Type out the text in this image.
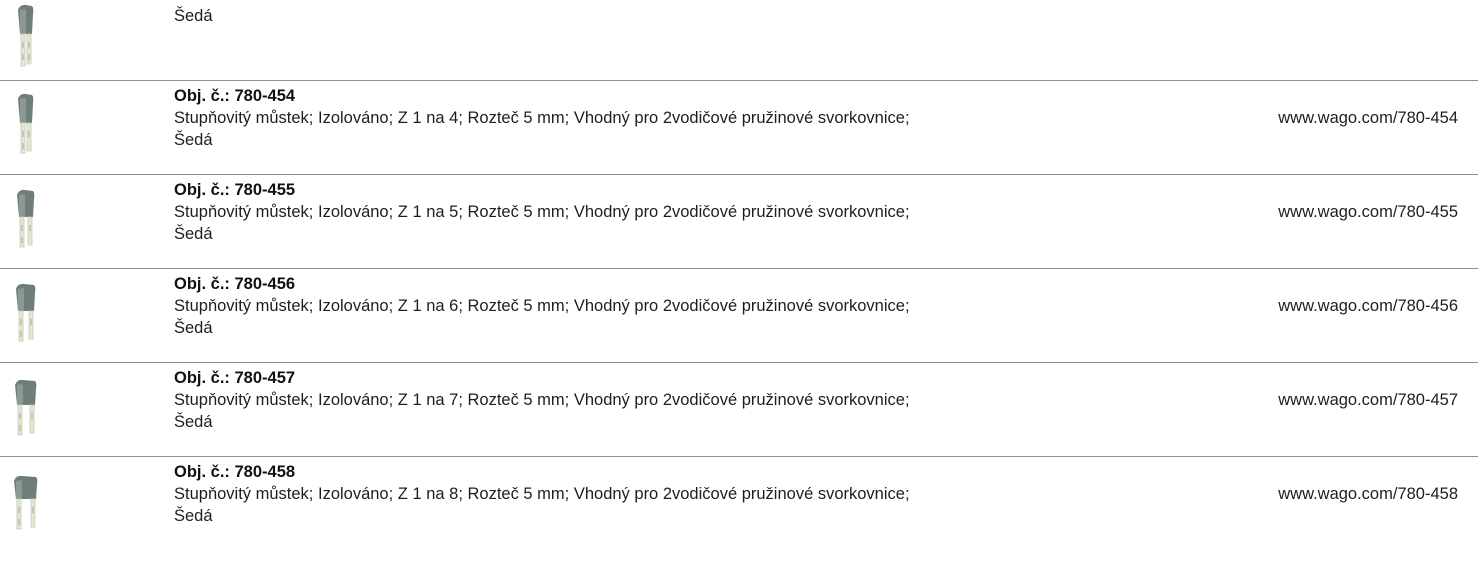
Šedá
Obj. č.: 780-454
Stupňovitý můstek; Izolováno; Z 1 na 4; Rozteč 5 mm; Vhodný pro 2vodičové pružinové svorkovnice;	www.wago.com/780-454
Šedá
Obj. č.: 780-455
Stupňovitý můstek; Izolováno; Z 1 na 5; Rozteč 5 mm; Vhodný pro 2vodičové pružinové svorkovnice;	www.wago.com/780-455
Šedá
Obj. č.: 780-456
Stupňovitý můstek; Izolováno; Z 1 na 6; Rozteč 5 mm; Vhodný pro 2vodičové pružinové svorkovnice;	www.wago.com/780-456
Šedá
Obj. č.: 780-457
Stupňovitý můstek; Izolováno; Z 1 na 7; Rozteč 5 mm; Vhodný pro 2vodičové pružinové svorkovnice;	www.wago.com/780-457
Šedá
Obj. č.: 780-458
Stupňovitý můstek; Izolováno; Z 1 na 8; Rozteč 5 mm; Vhodný pro 2vodičové pružinové svorkovnice;	www.wago.com/780-458
Šedá
